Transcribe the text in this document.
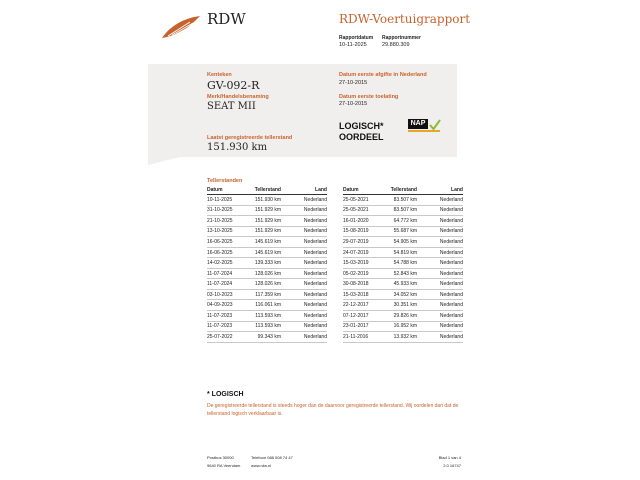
RDW	RDW-Voertuigrapport
Rapportdatum
10-11-2025
Rapportnummer
29.880.309
Kenteken
GV-092-R
Merk/Handelsbenaming
SEAT MII
Laatst geregistreerde tellerstand
151.930 km
Datum eerste afgifte in Nederland
27-10-2015
Datum eerste toelating
27-10-2015
LOGISCH*
OORDEEL
NAP
Tellerstanden
Datum	Tellerstand	Land
10-11-2025	151.930 km	Nederland
31-10-2025	151.929 km	Nederland
21-10-2025	151.929 km	Nederland
13-10-2025	151.929 km	Nederland
16-06-2025	145.619 km	Nederland
16-06-2025	145.619 km	Nederland
14-02-2025	139.333 km	Nederland
11-07-2024	128.026 km	Nederland
11-07-2024	128.026 km	Nederland
03-10-2023	117.359 km	Nederland
04-09-2023	116.061 km	Nederland
11-07-2023	113.593 km	Nederland
11-07-2023	113.593 km	Nederland
25-07-2022	99.343 km	Nederland
Datum	Tellerstand	Land
25-05-2021	83.507 km	Nederland
25-05-2021	83.507 km	Nederland
16-01-2020	64.772 km	Nederland
15-08-2019	55.687 km	Nederland
29-07-2019	54.905 km	Nederland
24-07-2019	54.819 km	Nederland
15-03-2019	54.788 km	Nederland
05-02-2019	52.843 km	Nederland
30-08-2018	45.933 km	Nederland
15-03-2018	34.052 km	Nederland
22-12-2017	30.351 km	Nederland
07-12-2017	29.826 km	Nederland
23-01-2017	16.952 km	Nederland
21-11-2016	13.932 km	Nederland
* LOGISCH
De geregistreerde tellerstand is steeds hoger dan de daarvoor geregistreerde tellerstand. Wij oordelen dan dat de tellerstand logisch verklaarbaar is.
Postbus 30000
9640 RA Veendam
Telefoon 088 008 74 47
www.rdw.nl
Blad 1 van 4
2.0 16747
